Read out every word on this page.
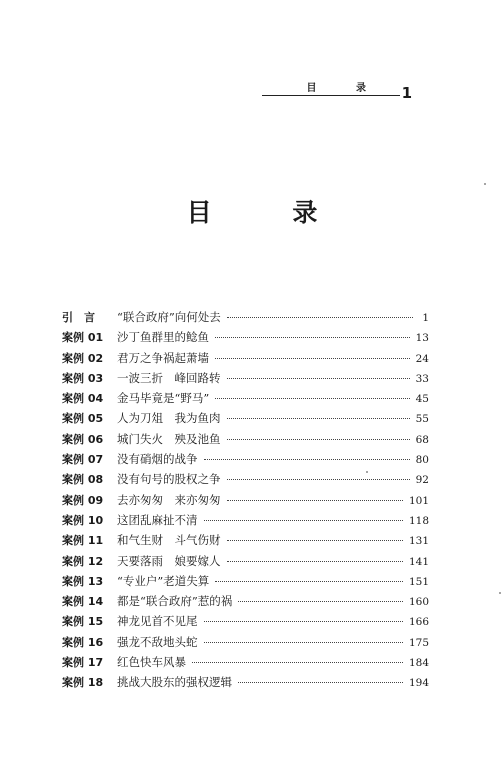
目 录 1
目 录
引　言	“联合政府”向何处去	1
案例 01	沙丁鱼群里的鲶鱼	13
案例 02	君万之争祸起萧墙	24
案例 03	一波三折　峰回路转	33
案例 04	金马毕竟是“野马”	45
案例 05	人为刀俎　我为鱼肉	55
案例 06	城门失火　殃及池鱼	68
案例 07	没有硝烟的战争	80
案例 08	没有句号的股权之争	92
案例 09	去亦匆匆　来亦匆匆	101
案例 10	这团乱麻扯不清	118
案例 11	和气生财　斗气伤财	131
案例 12	天要落雨　娘要嫁人	141
案例 13	“专业户”老道失算	151
案例 14	都是“联合政府”惹的祸	160
案例 15	神龙见首不见尾	166
案例 16	强龙不敌地头蛇	175
案例 17	红色快车风暴	184
案例 18	挑战大股东的强权逻辑	194
